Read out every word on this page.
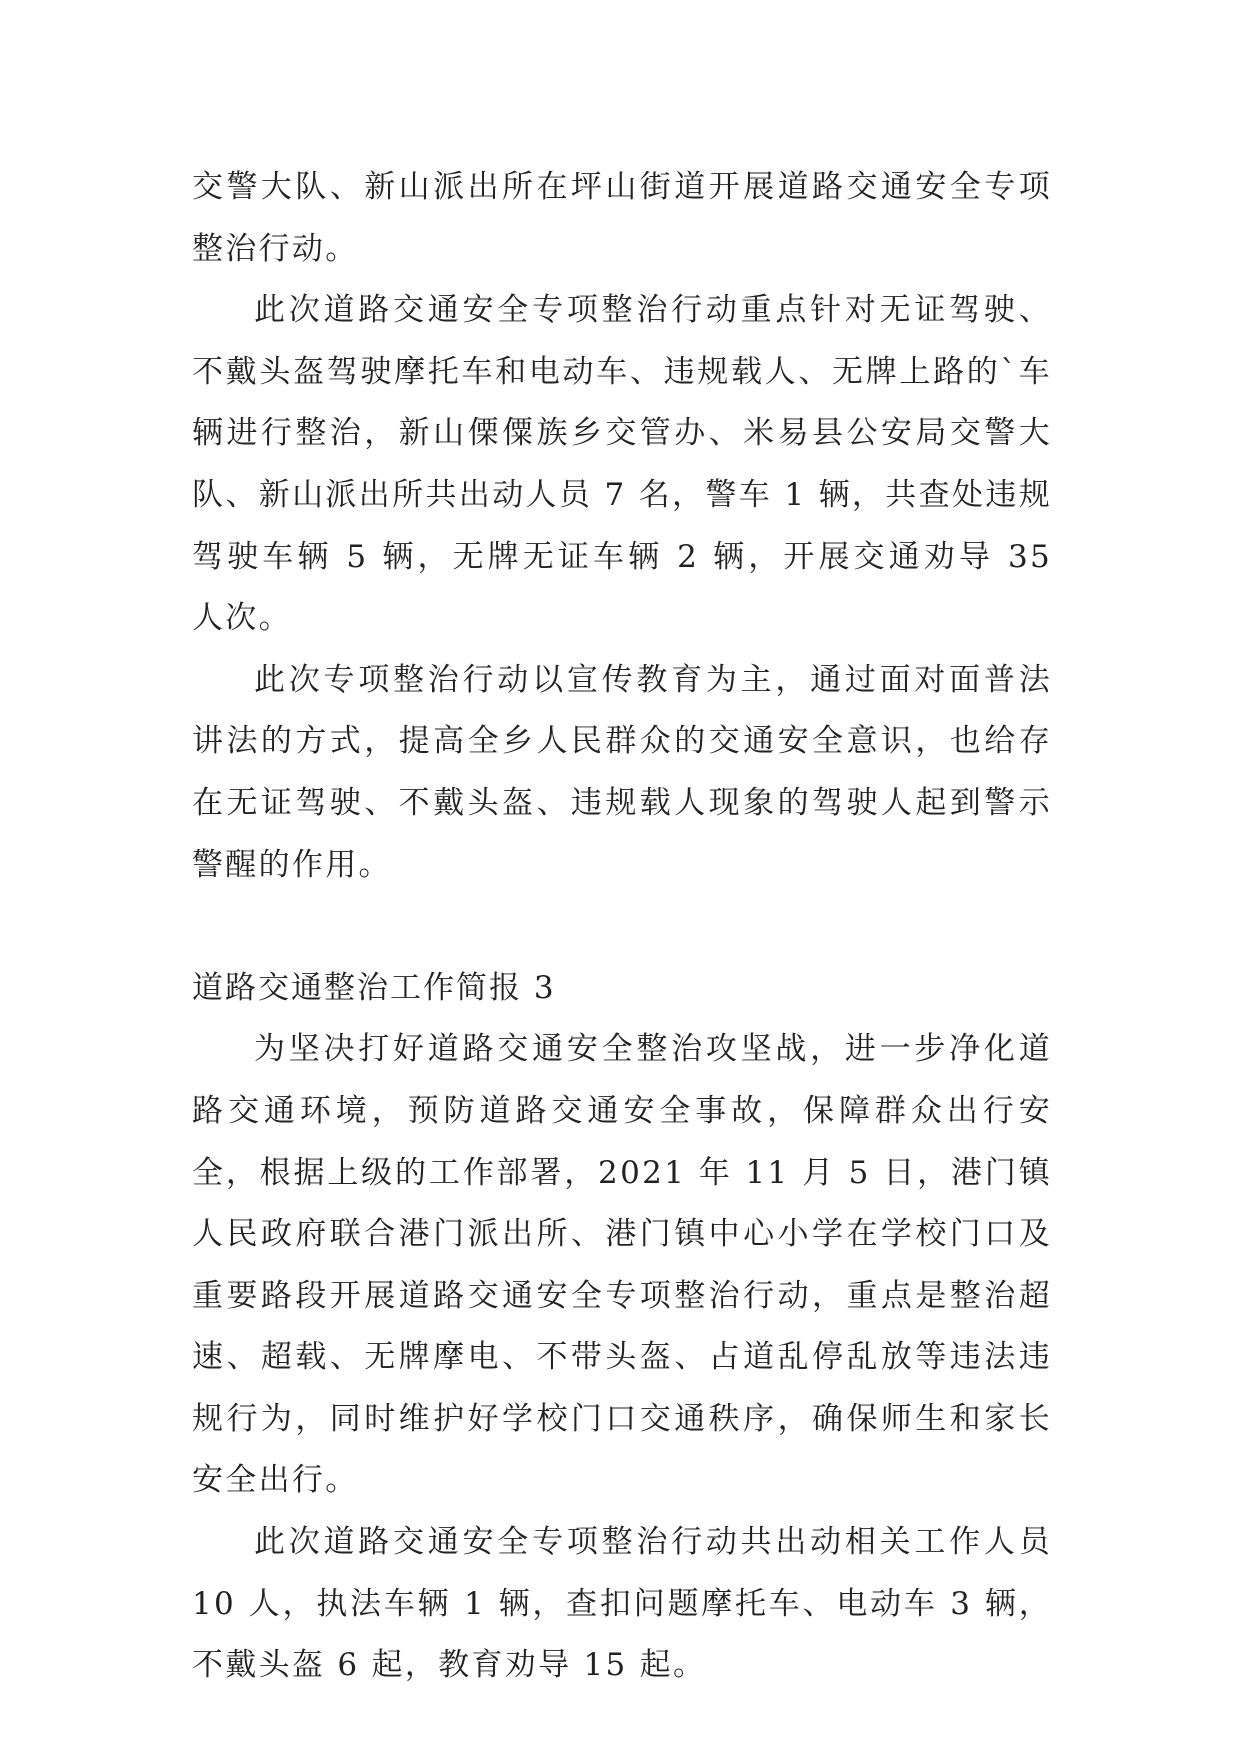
交警大队、新山派出所在坪山街道开展道路交通安全专项整治行动。

此次道路交通安全专项整治行动重点针对无证驾驶、不戴头盔驾驶摩托车和电动车、违规载人、无牌上路的`车辆进行整治，新山傈僳族乡交管办、米易县公安局交警大队、新山派出所共出动人员 7 名，警车 1 辆，共查处违规驾驶车辆 5 辆，无牌无证车辆 2 辆，开展交通劝导 35 人次。

此次专项整治行动以宣传教育为主，通过面对面普法讲法的方式，提高全乡人民群众的交通安全意识，也给存在无证驾驶、不戴头盔、违规载人现象的驾驶人起到警示警醒的作用。

道路交通整治工作简报 3

为坚决打好道路交通安全整治攻坚战，进一步净化道路交通环境，预防道路交通安全事故，保障群众出行安全，根据上级的工作部署，2021 年 11 月 5 日，港门镇人民政府联合港门派出所、港门镇中心小学在学校门口及重要路段开展道路交通安全专项整治行动，重点是整治超速、超载、无牌摩电、不带头盔、占道乱停乱放等违法违规行为，同时维护好学校门口交通秩序，确保师生和家长安全出行。

此次道路交通安全专项整治行动共出动相关工作人员 10 人，执法车辆 1 辆，查扣问题摩托车、电动车 3 辆，不戴头盔 6 起，教育劝导 15 起。
